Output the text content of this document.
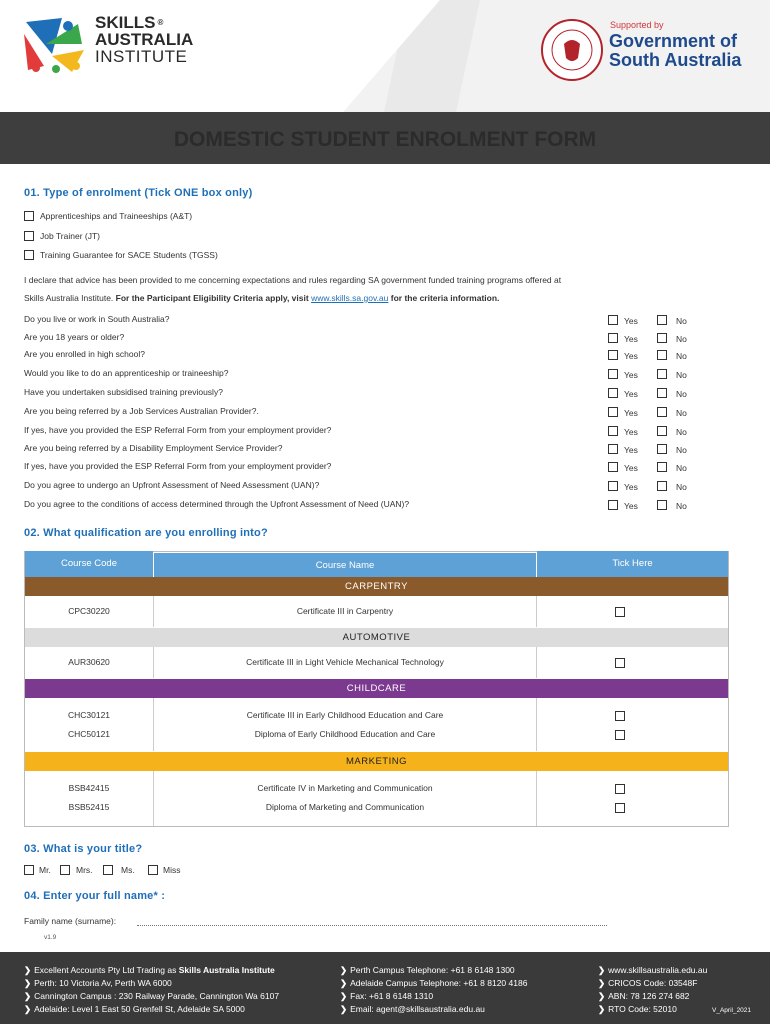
SKILLS ®
AUSTRALIA
INSTITUTE
Supported by
Government of
South Australia
DOMESTIC STUDENT ENROLMENT FORM
01. Type of enrolment (Tick ONE box only)
Apprenticeships and Traineeships (A&T)
Job Trainer (JT)
Training Guarantee for SACE Students (TGSS)
I declare that advice has been provided to me concerning expectations and rules regarding SA government funded training programs offered at
Skills Australia Institute. For the Participant Eligibility Criteria apply, visit www.skills.sa.gov.au for the criteria information.
Do you live or work in South Australia?	Yes	No
Are you 18 years or older?	Yes	No
Are you enrolled in high school?	Yes	No
Would you like to do an apprenticeship or traineeship?	Yes	No
Have you undertaken subsidised training previously?	Yes	No
Are you being referred by a Job Services Australian Provider?.	Yes	No
If yes, have you provided the ESP Referral Form from your employment provider?	Yes	No
Are you being referred by a Disability Employment Service Provider?	Yes	No
If yes, have you provided the ESP Referral Form from your employment provider?	Yes	No
Do you agree to undergo an Upfront Assessment of Need Assessment (UAN)?	Yes	No
Do you agree to the conditions of access determined through the Upfront Assessment of Need (UAN)?	Yes	No
02. What qualification are you enrolling into?
Course Code	Course Name	Tick Here
CARPENTRY
CPC30220	Certificate III in Carpentry
AUTOMOTIVE
AUR30620	Certificate III in Light Vehicle Mechanical Technology
CHILDCARE
CHC30121	Certificate III in Early Childhood Education and Care
CHC50121	Diploma of Early Childhood Education and Care
MARKETING
BSB42415	Certificate IV in Marketing and Communication
BSB52415	Diploma of Marketing and Communication
03. What is your title?
Mr.	Mrs.	Ms.	Miss
04. Enter your full name* :
Family name (surname):
v1.9
❯ Excellent Accounts Pty Ltd Trading as Skills Australia Institute
❯ Perth: 10 Victoria Av, Perth WA 6000
❯ Cannington Campus : 230 Railway Parade, Cannington Wa 6107
❯ Adelaide: Level 1 East 50 Grenfell St, Adelaide SA 5000
❯ Perth Campus Telephone: +61 8 6148 1300
❯ Adelaide Campus Telephone: +61 8 8120 4186
❯ Fax: +61 8 6148 1310
❯ Email: agent@skillsaustralia.edu.au
❯ www.skillsaustralia.edu.au
❯ CRICOS Code: 03548F
❯ ABN: 78 126 274 682
❯ RTO Code: 52010	V_April_2021
